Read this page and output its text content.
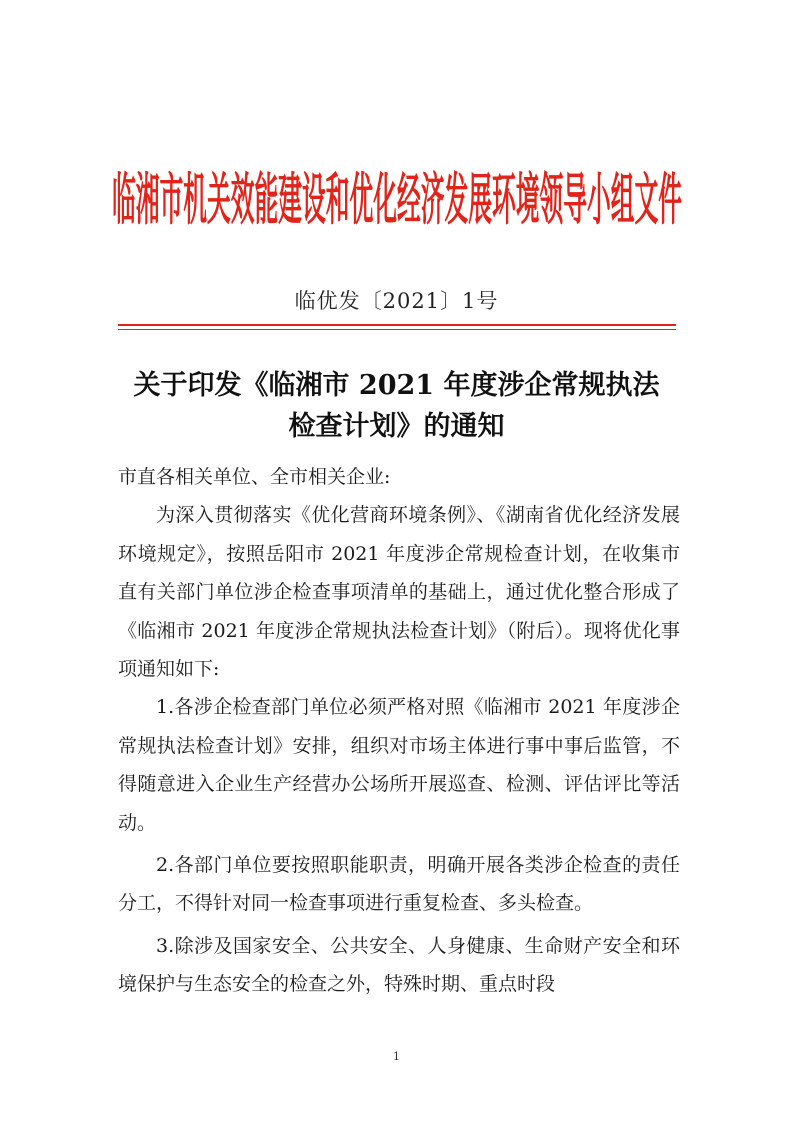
临湘市机关效能建设和优化经济发展环境领导小组文件
临优发〔2021〕1号
关于印发《临湘市 2021 年度涉企常规执法
检查计划》的通知

市直各相关单位、全市相关企业:

为深入贯彻落实《优化营商环境条例》、《湖南省优化经济发展环境规定》，按照岳阳市 2021 年度涉企常规检查计划，在收集市直有关部门单位涉企检查事项清单的基础上，通过优化整合形成了《临湘市 2021 年度涉企常规执法检查计划》（附后）。现将优化事项通知如下:

1.各涉企检查部门单位必须严格对照《临湘市 2021 年度涉企常规执法检查计划》安排，组织对市场主体进行事中事后监管，不得随意进入企业生产经营办公场所开展巡查、检测、评估评比等活动。

2.各部门单位要按照职能职责，明确开展各类涉企检查的责任分工，不得针对同一检查事项进行重复检查、多头检查。

3.除涉及国家安全、公共安全、人身健康、生命财产安全和环境保护与生态安全的检查之外，特殊时期、重点时段

1
